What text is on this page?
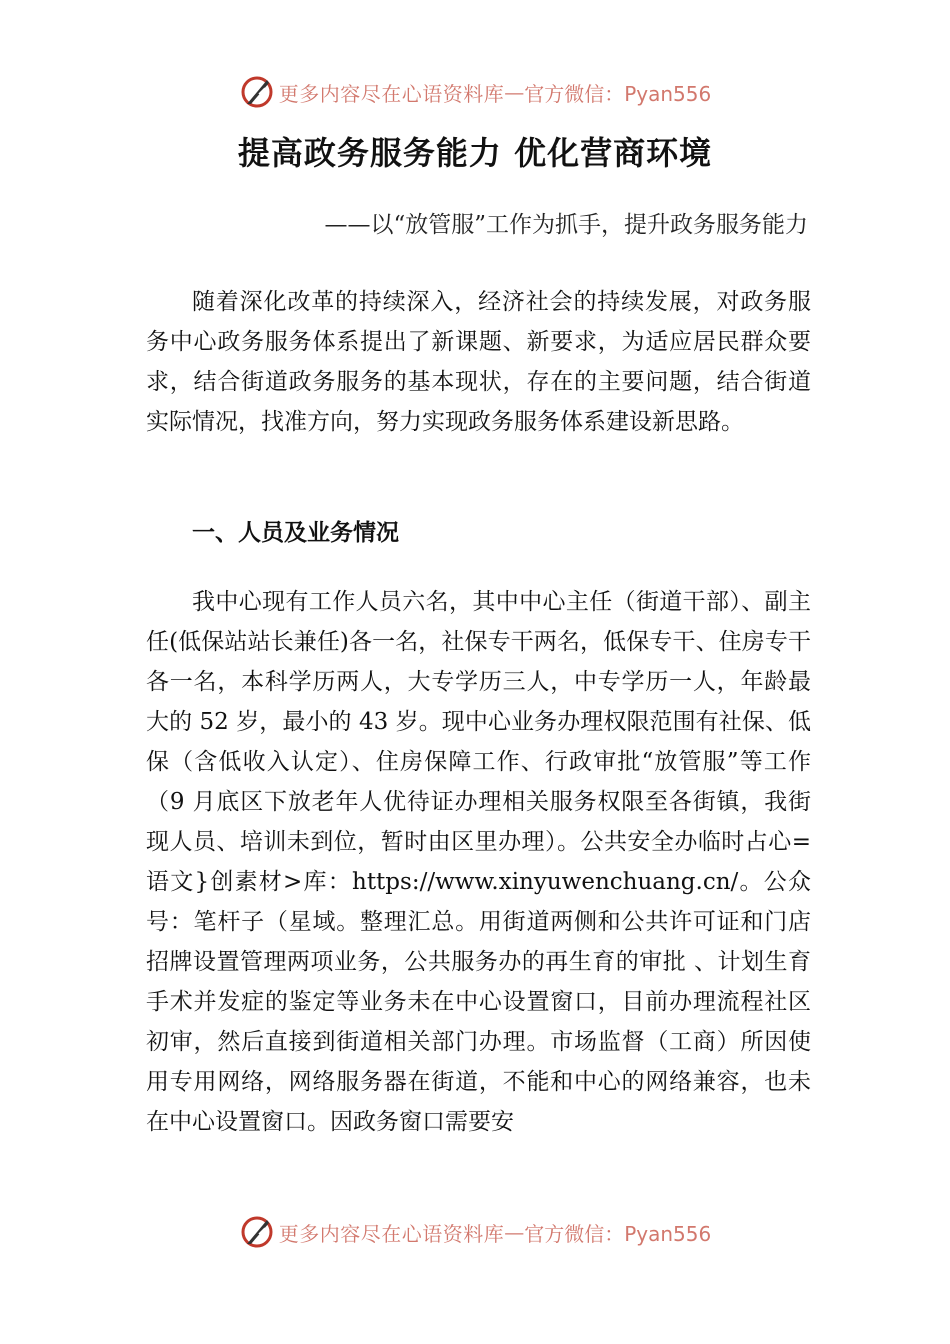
更多内容尽在心语资料库 — 官方微信：Pyan556
提高政务服务能力 优化营商环境
——以“放管服”工作为抓手，提升政务服务能力
随着深化改革的持续深入，经济社会的持续发展，对政务服务中心政务服务体系提出了新课题、新要求，为适应居民群众要求，结合街道政务服务的基本现状，存在的主要问题，结合街道实际情况，找准方向，努力实现政务服务体系建设新思路。
一、人员及业务情况
我中心现有工作人员六名，其中中心主任（街道干部）、副主任(低保站站长兼任)各一名，社保专干两名，低保专干、住房专干各一名，本科学历两人，大专学历三人，中专学历一人，年龄最大的 52 岁，最小的 43 岁。现中心业务办理权限范围有社保、低保（含低收入认定）、住房保障工作、行政审批“放管服”等工作（9 月底区下放老年人优待证办理相关服务权限至各街镇，我街现人员、培训未到位，暂时由区里办理）。公共安全办临时占心=语文}创素材>库：https://www.xinyuwenchuang.cn/。公众号：笔杆子（星域。整理汇总。用街道两侧和公共许可证和门店招牌设置管理两项业务，公共服务办的再生育的审批 、计划生育手术并发症的鉴定等业务未在中心设置窗口，目前办理流程社区初审，然后直接到街道相关部门办理。市场监督（工商）所因使用专用网络，网络服务器在街道，不能和中心的网络兼容，也未在中心设置窗口。因政务窗口需要安
更多内容尽在心语资料库 — 官方微信：Pyan556
